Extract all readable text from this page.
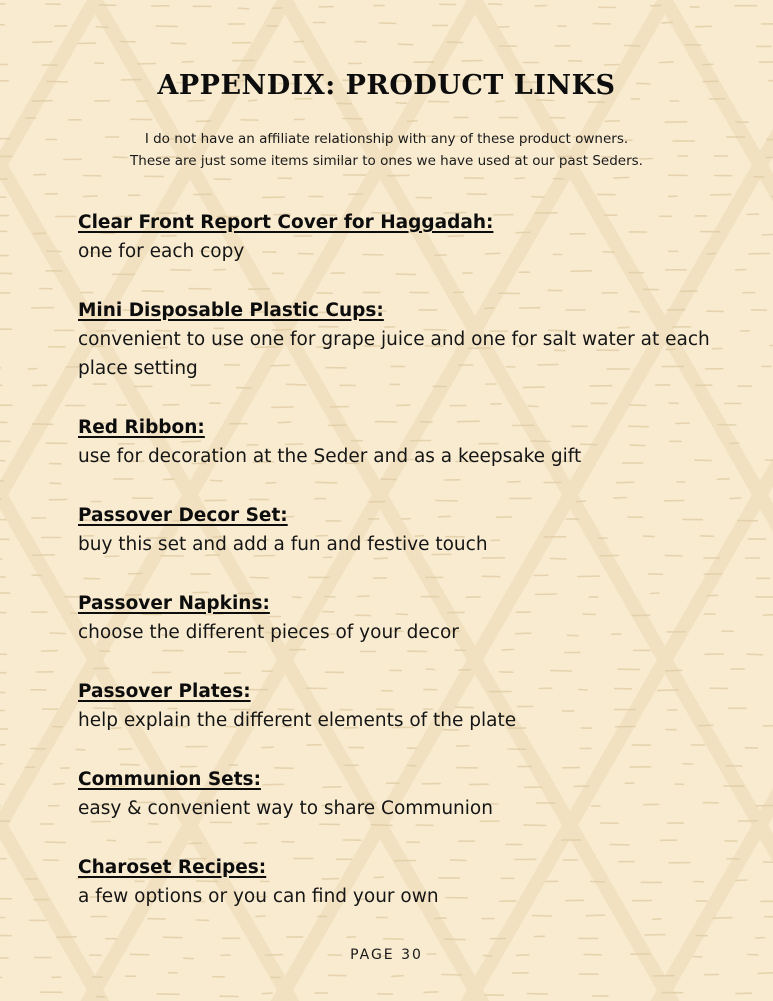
APPENDIX: PRODUCT LINKS
I do not have an affiliate relationship with any of these product owners.
These are just some items similar to ones we have used at our past Seders.
Clear Front Report Cover for Haggadah:
one for each copy
Mini Disposable Plastic Cups:
convenient to use one for grape juice and one for salt water at each place setting
Red Ribbon:
use for decoration at the Seder and as a keepsake gift
Passover Decor Set:
buy this set and add a fun and festive touch
Passover Napkins:
choose the different pieces of your decor
Passover Plates:
help explain the different elements of the plate
Communion Sets:
easy & convenient way to share Communion
Charoset Recipes:
a few options or you can find your own
PAGE 30
